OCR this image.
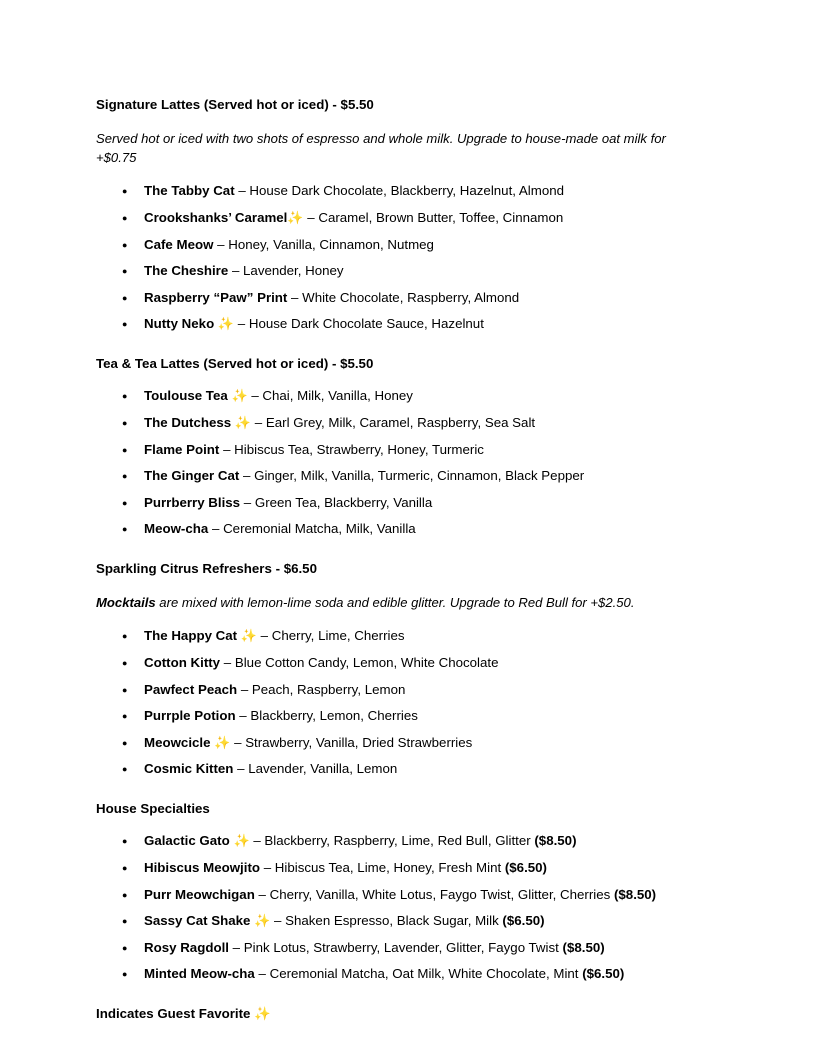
Signature Lattes (Served hot or iced) - $5.50

Served hot or iced with two shots of espresso and whole milk. Upgrade to house-made oat milk for +$0.75

● The Tabby Cat – House Dark Chocolate, Blackberry, Hazelnut, Almond
● Crookshanks’ Caramel✨ – Caramel, Brown Butter, Toffee, Cinnamon
● Cafe Meow – Honey, Vanilla, Cinnamon, Nutmeg
● The Cheshire – Lavender, Honey
● Raspberry “Paw” Print – White Chocolate, Raspberry, Almond
● Nutty Neko ✨ – House Dark Chocolate Sauce, Hazelnut
Tea & Tea Lattes (Served hot or iced) - $5.50
● Toulouse Tea ✨ – Chai, Milk, Vanilla, Honey
● The Dutchess ✨ – Earl Grey, Milk, Caramel, Raspberry, Sea Salt
● Flame Point – Hibiscus Tea, Strawberry, Honey, Turmeric
● The Ginger Cat – Ginger, Milk, Vanilla, Turmeric, Cinnamon, Black Pepper
● Purrberry Bliss – Green Tea, Blackberry, Vanilla
● Meow-cha – Ceremonial Matcha, Milk, Vanilla
Sparkling Citrus Refreshers - $6.50

Mocktails are mixed with lemon-lime soda and edible glitter. Upgrade to Red Bull for +$2.50.

● The Happy Cat ✨ – Cherry, Lime, Cherries
● Cotton Kitty – Blue Cotton Candy, Lemon, White Chocolate
● Pawfect Peach – Peach, Raspberry, Lemon
● Purrple Potion – Blackberry, Lemon, Cherries
● Meowcicle ✨ – Strawberry, Vanilla, Dried Strawberries
● Cosmic Kitten – Lavender, Vanilla, Lemon
House Specialties
● Galactic Gato ✨ – Blackberry, Raspberry, Lime, Red Bull, Glitter ($8.50)
● Hibiscus Meowjito – Hibiscus Tea, Lime, Honey, Fresh Mint ($6.50)
● Purr Meowchigan – Cherry, Vanilla, White Lotus, Faygo Twist, Glitter, Cherries ($8.50)
● Sassy Cat Shake ✨ – Shaken Espresso, Black Sugar, Milk ($6.50)
● Rosy Ragdoll – Pink Lotus, Strawberry, Lavender, Glitter, Faygo Twist ($8.50)
● Minted Meow-cha – Ceremonial Matcha, Oat Milk, White Chocolate, Mint ($6.50)
Indicates Guest Favorite ✨
